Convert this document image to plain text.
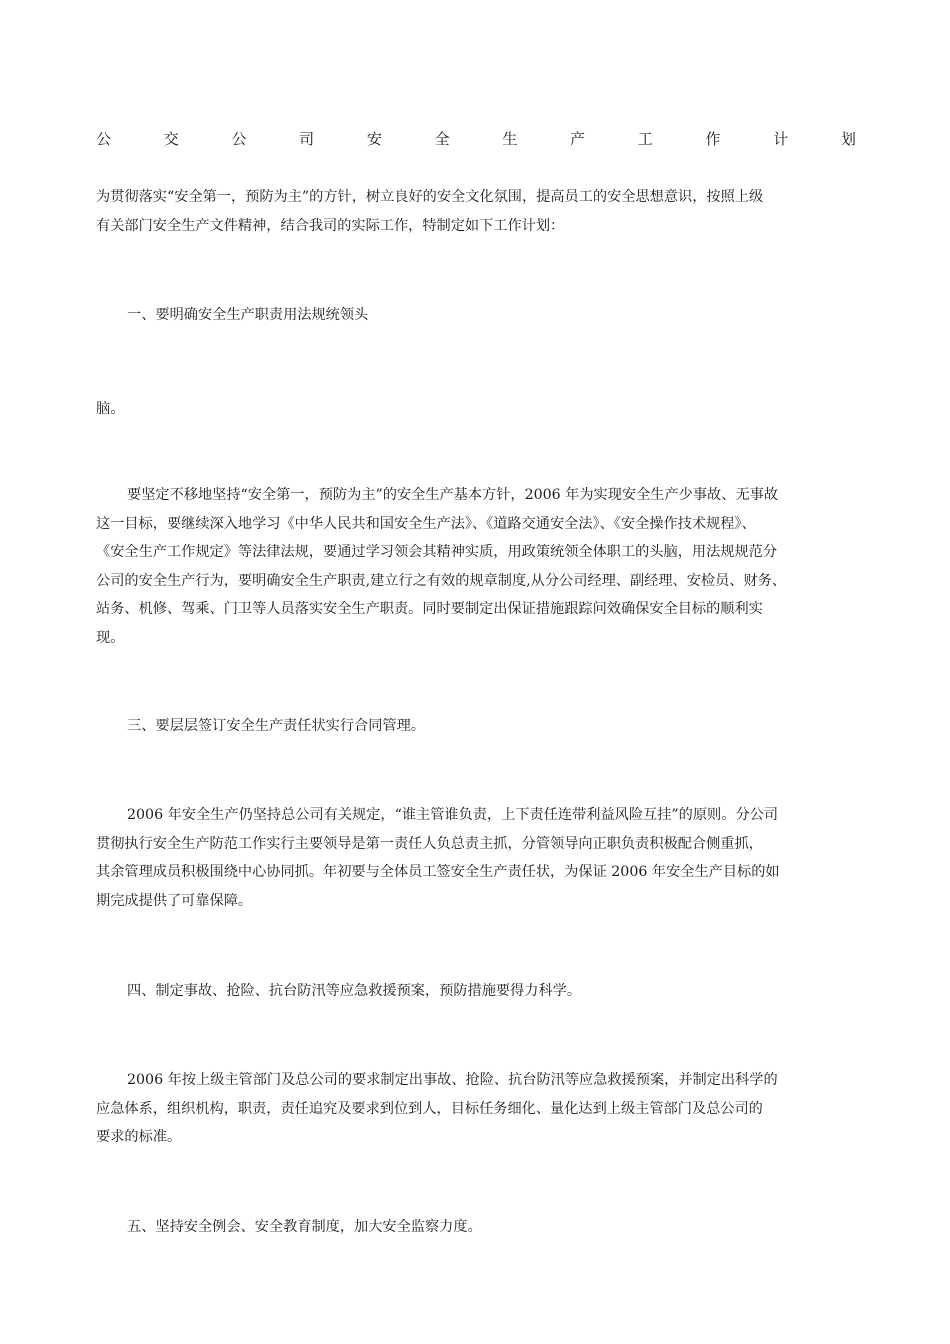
公	交	公	司	安	全	生	产	工	作	计	划
为贯彻落实“安全第一，预防为主”的方针，树立良好的安全文化氛围，提高员工的安全思想意识，按照上级
有关部门安全生产文件精神，结合我司的实际工作，特制定如下工作计划：
一、要明确安全生产职责用法规统领头
脑。
要坚定不移地坚持“安全第一，预防为主”的安全生产基本方针，2006 年为实现安全生产少事故、无事故
这一目标，要继续深入地学习《中华人民共和国安全生产法》、《道路交通安全法》、《安全操作技术规程》、
《安全生产工作规定》等法律法规，要通过学习领会其精神实质，用政策统领全体职工的头脑，用法规规范分
公司的安全生产行为，要明确安全生产职责,建立行之有效的规章制度,从分公司经理、副经理、安检员、财务、
站务、机修、驾乘、门卫等人员落实安全生产职责。同时要制定出保证措施跟踪问效确保安全目标的顺利实
现。
三、要层层签订安全生产责任状实行合同管理。
2006 年安全生产仍坚持总公司有关规定，“谁主管谁负责，上下责任连带利益风险互挂”的原则。分公司
贯彻执行安全生产防范工作实行主要领导是第一责任人负总责主抓，分管领导向正职负责积极配合侧重抓，
其余管理成员积极围绕中心协同抓。年初要与全体员工签安全生产责任状，为保证 2006 年安全生产目标的如
期完成提供了可靠保障。
四、制定事故、抢险、抗台防汛等应急救援预案，预防措施要得力科学。
2006 年按上级主管部门及总公司的要求制定出事故、抢险、抗台防汛等应急救援预案，并制定出科学的
应急体系，组织机构，职责，责任追究及要求到位到人，目标任务细化、量化达到上级主管部门及总公司的
要求的标准。
五、坚持安全例会、安全教育制度，加大安全监察力度。
